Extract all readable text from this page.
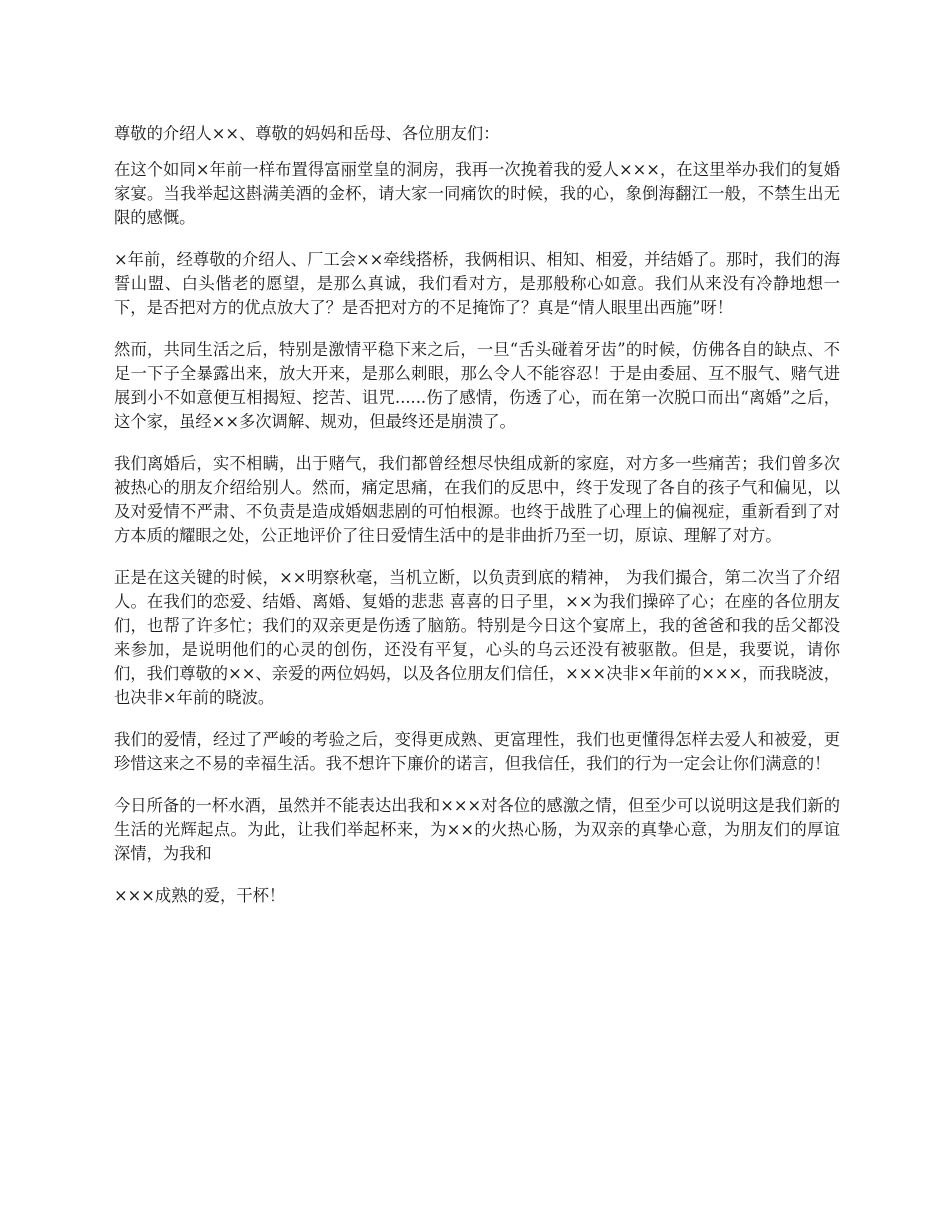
尊敬的介绍人××、尊敬的妈妈和岳母、各位朋友们：

在这个如同×年前一样布置得富丽堂皇的洞房，我再一次挽着我的爱人×××，在这里举办我们的复婚家宴。当我举起这斟满美酒的金杯，请大家一同痛饮的时候，我的心，象倒海翻江一般，不禁生出无限的感慨。

×年前，经尊敬的介绍人、厂工会××牵线搭桥，我俩相识、相知、相爱，并结婚了。那时，我们的海誓山盟、白头偕老的愿望，是那么真诚，我们看对方，是那般称心如意。我们从来没有冷静地想一下，是否把对方的优点放大了？是否把对方的不足掩饰了？真是“情人眼里出西施”呀！

然而，共同生活之后，特别是激情平稳下来之后，一旦“舌头碰着牙齿”的时候，仿佛各自的缺点、不足一下子全暴露出来，放大开来，是那么刺眼，那么令人不能容忍！于是由委屈、互不服气、赌气进展到小不如意便互相揭短、挖苦、诅咒......伤了感情，伤透了心，而在第一次脱口而出“离婚”之后，这个家，虽经××多次调解、规劝，但最终还是崩溃了。

我们离婚后，实不相瞒，出于赌气，我们都曾经想尽快组成新的家庭，对方多一些痛苦；我们曾多次被热心的朋友介绍给别人。然而，痛定思痛，在我们的反思中，终于发现了各自的孩子气和偏见，以及对爱情不严肃、不负责是造成婚姻悲剧的可怕根源。也终于战胜了心理上的偏视症，重新看到了对方本质的耀眼之处，公正地评价了往日爱情生活中的是非曲折乃至一切，原谅、理解了对方。

正是在这关键的时候，××明察秋毫，当机立断，以负责到底的精神， 为我们撮合，第二次当了介绍人。在我们的恋爱、结婚、离婚、复婚的悲悲 喜喜的日子里，××为我们操碎了心；在座的各位朋友们，也帮了许多忙；我们的双亲更是伤透了脑筋。特别是今日这个宴席上，我的爸爸和我的岳父都没来参加，是说明他们的心灵的创伤，还没有平复，心头的乌云还没有被驱散。但是，我要说，请你们，我们尊敬的××、亲爱的两位妈妈，以及各位朋友们信任，×××决非×年前的×××，而我晓波，也决非×年前的晓波。

我们的爱情，经过了严峻的考验之后，变得更成熟、更富理性，我们也更懂得怎样去爱人和被爱，更珍惜这来之不易的幸福生活。我不想许下廉价的诺言，但我信任，我们的行为一定会让你们满意的！

今日所备的一杯水酒，虽然并不能表达出我和×××对各位的感激之情，但至少可以说明这是我们新的生活的光辉起点。为此，让我们举起杯来，为××的火热心肠，为双亲的真挚心意，为朋友们的厚谊深情，为我和

×××成熟的爱，干杯！
